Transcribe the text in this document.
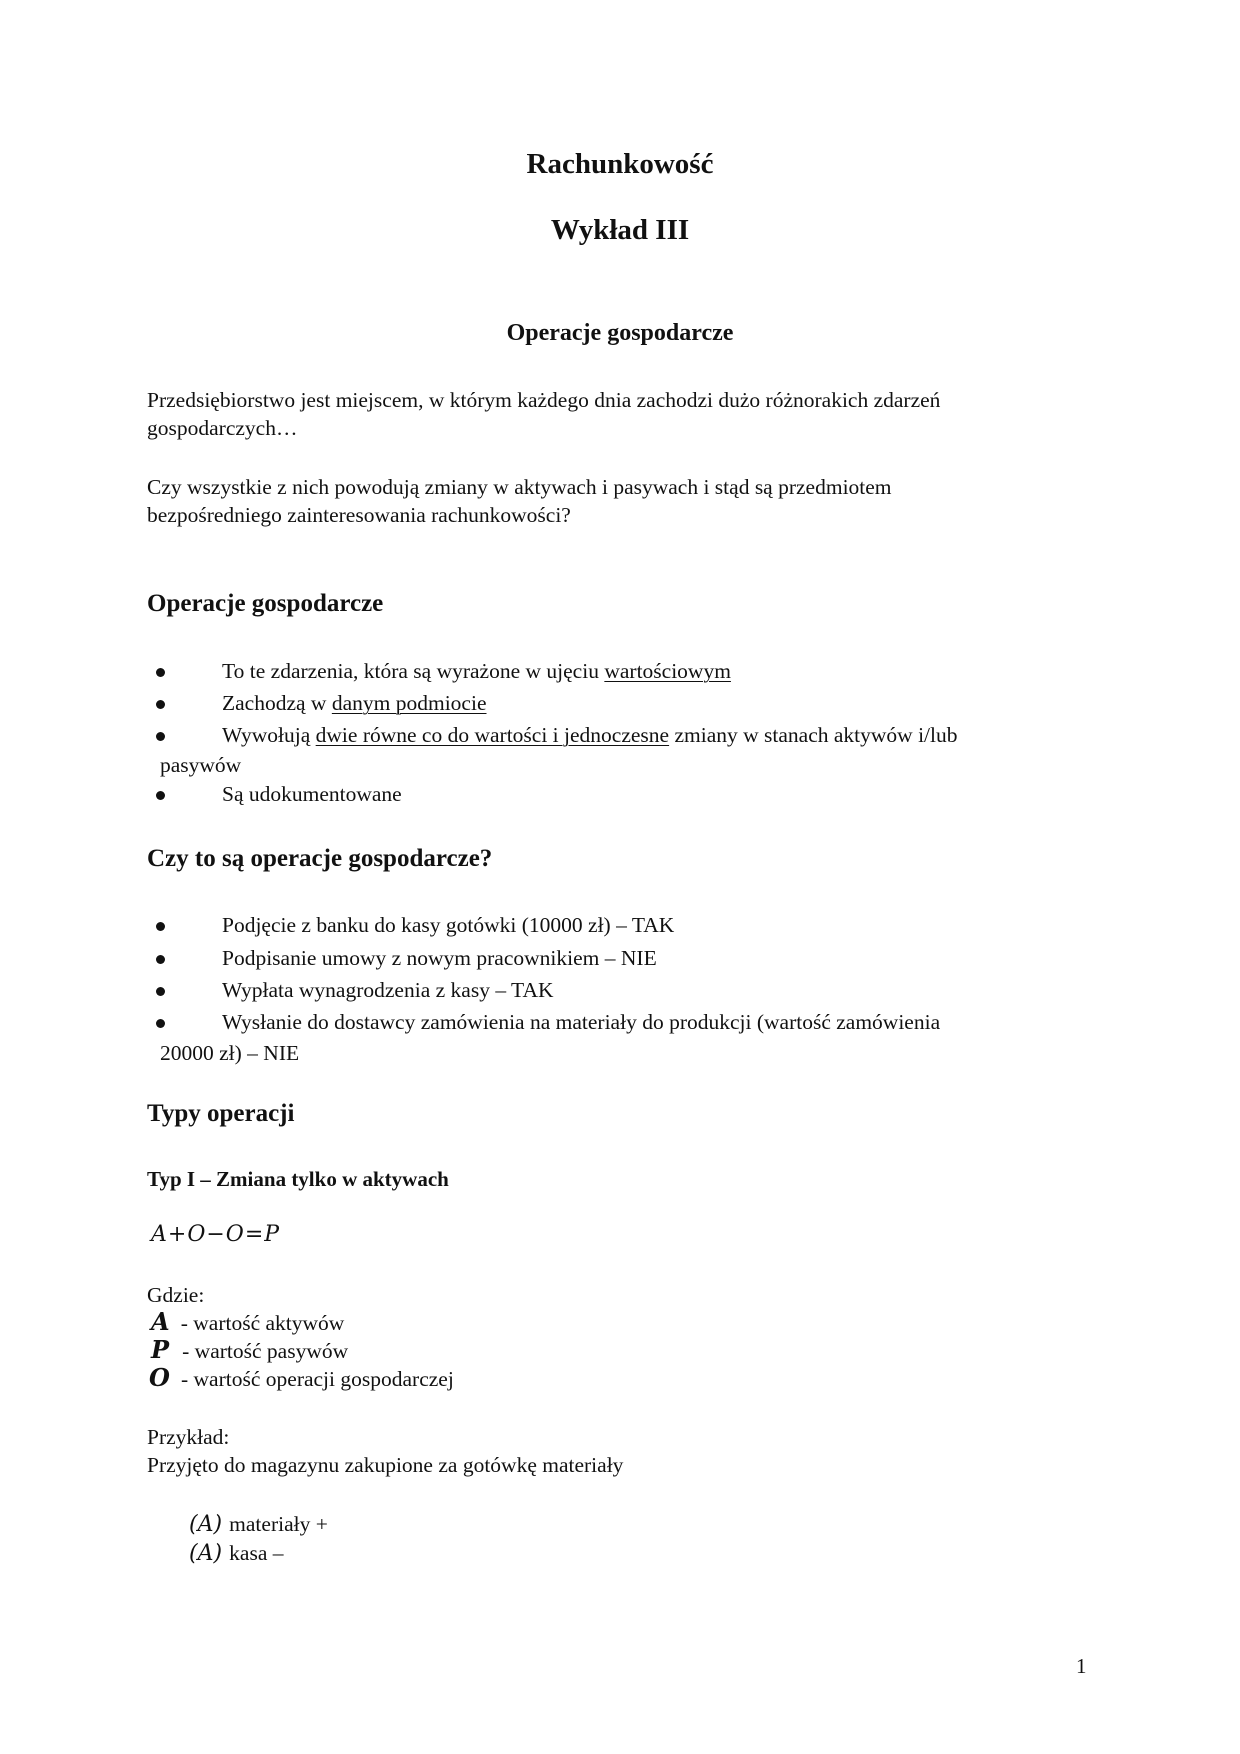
Rachunkowość
Wykład III
Operacje gospodarcze
Przedsiębiorstwo jest miejscem, w którym każdego dnia zachodzi dużo różnorakich zdarzeń
gospodarczych…
Czy wszystkie z nich powodują zmiany w aktywach i pasywach i stąd są przedmiotem
bezpośredniego zainteresowania rachunkowości?
Operacje gospodarcze
To te zdarzenia, która są wyrażone w ujęciu wartościowym
Zachodzą w danym podmiocie
Wywołują dwie równe co do wartości i jednoczesne zmiany w stanach aktywów i/lub
pasywów
Są udokumentowane
Czy to są operacje gospodarcze?
Podjęcie z banku do kasy gotówki (10000 zł) – TAK
Podpisanie umowy z nowym pracownikiem – NIE
Wypłata wynagrodzenia z kasy – TAK
Wysłanie do dostawcy zamówienia na materiały do produkcji (wartość zamówienia
20000 zł) – NIE
Typy operacji
Typ I – Zmiana tylko w aktywach
A+O−O=P
Gdzie:
A - wartość aktywów
P - wartość pasywów
O - wartość operacji gospodarczej
Przykład:
Przyjęto do magazynu zakupione za gotówkę materiały
(A) materiały +
(A) kasa –
1
